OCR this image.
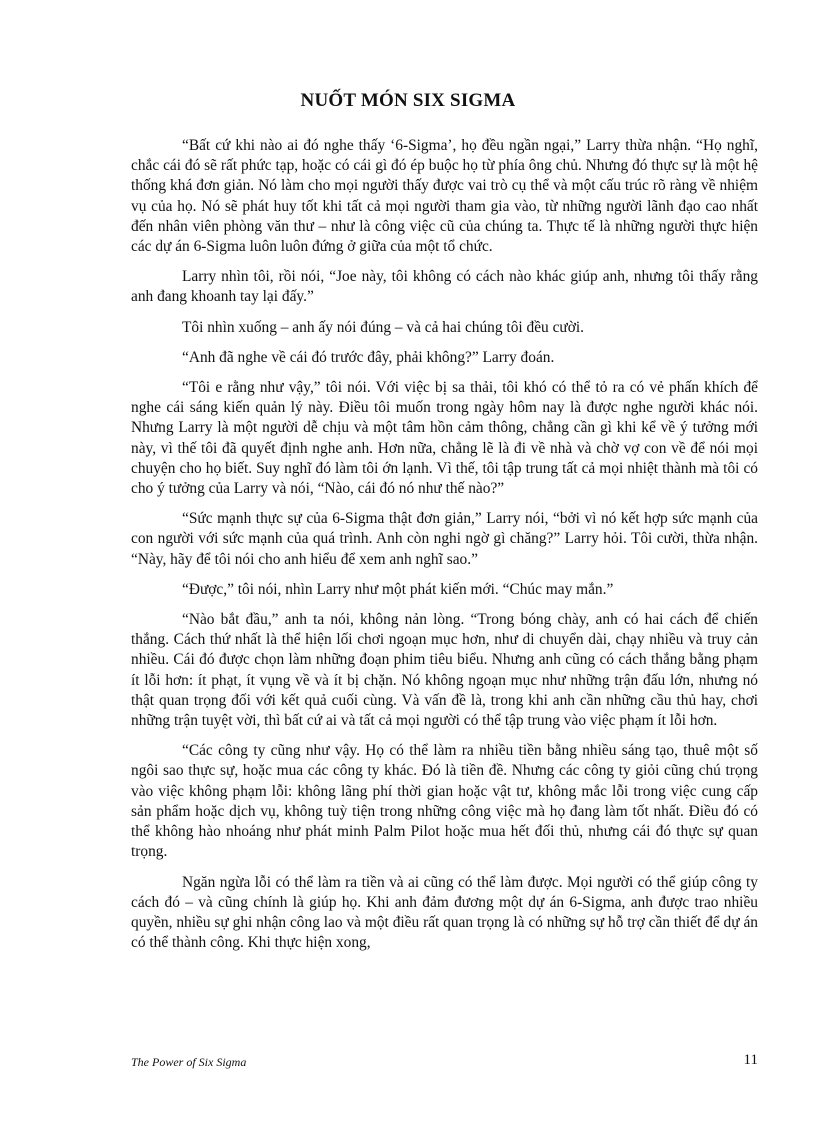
NUỐT MÓN SIX SIGMA

“Bất cứ khi nào ai đó nghe thấy ‘6-Sigma’, họ đều ngần ngại,” Larry thừa nhận. “Họ nghĩ, chắc cái đó sẽ rất phức tạp, hoặc có cái gì đó ép buộc họ từ phía ông chủ. Nhưng đó thực sự là một hệ thống khá đơn giản. Nó làm cho mọi người thấy được vai trò cụ thể và một cấu trúc rõ ràng về nhiệm vụ của họ. Nó sẽ phát huy tốt khi tất cả mọi người tham gia vào, từ những người lãnh đạo cao nhất đến nhân viên phòng văn thư – như là công việc cũ của chúng ta. Thực tế là những người thực hiện các dự án 6-Sigma luôn luôn đứng ở giữa của một tổ chức.

Larry nhìn tôi, rồi nói, “Joe này, tôi không có cách nào khác giúp anh, nhưng tôi thấy rằng anh đang khoanh tay lại đấy.”

Tôi nhìn xuống – anh ấy nói đúng – và cả hai chúng tôi đều cười.

“Anh đã nghe về cái đó trước đây, phải không?” Larry đoán.

“Tôi e rằng như vậy,” tôi nói. Với việc bị sa thải, tôi khó có thể tỏ ra có vẻ phấn khích để nghe cái sáng kiến quản lý này. Điều tôi muốn trong ngày hôm nay là được nghe người khác nói. Nhưng Larry là một người dễ chịu và một tâm hồn cảm thông, chẳng cần gì khi kể về ý tưởng mới này, vì thế tôi đã quyết định nghe anh. Hơn nữa, chẳng lẽ là đi về nhà và chờ vợ con về để nói mọi chuyện cho họ biết. Suy nghĩ đó làm tôi ớn lạnh. Vì thế, tôi tập trung tất cả mọi nhiệt thành mà tôi có cho ý tưởng của Larry và nói, “Nào, cái đó nó như thế nào?”

“Sức mạnh thực sự của 6-Sigma thật đơn giản,” Larry nói, “bởi vì nó kết hợp sức mạnh của con người với sức mạnh của quá trình. Anh còn nghi ngờ gì chăng?” Larry hỏi. Tôi cười, thừa nhận. “Này, hãy để tôi nói cho anh hiểu để xem anh nghĩ sao.”

“Được,” tôi nói, nhìn Larry như một phát kiến mới. “Chúc may mắn.”

“Nào bắt đầu,” anh ta nói, không nản lòng. “Trong bóng chày, anh có hai cách để chiến thắng. Cách thứ nhất là thể hiện lối chơi ngoạn mục hơn, như di chuyển dài, chạy nhiều và truy cản nhiều. Cái đó được chọn làm những đoạn phim tiêu biểu. Nhưng anh cũng có cách thắng bằng phạm ít lỗi hơn: ít phạt, ít vụng về và ít bị chặn. Nó không ngoạn mục như những trận đấu lớn, nhưng nó thật quan trọng đối với kết quả cuối cùng. Và vấn đề là, trong khi anh cần những cầu thủ hay, chơi những trận tuyệt vời, thì bất cứ ai và tất cả mọi người có thể tập trung vào việc phạm ít lỗi hơn.

“Các công ty cũng như vậy. Họ có thể làm ra nhiều tiền bằng nhiều sáng tạo, thuê một số ngôi sao thực sự, hoặc mua các công ty khác. Đó là tiền đề. Nhưng các công ty giỏi cũng chú trọng vào việc không phạm lỗi: không lãng phí thời gian hoặc vật tư, không mắc lỗi trong việc cung cấp sản phẩm hoặc dịch vụ, không tuỳ tiện trong những công việc mà họ đang làm tốt nhất. Điều đó có thể không hào nhoáng như phát minh Palm Pilot hoặc mua hết đối thủ, nhưng cái đó thực sự quan trọng.

Ngăn ngừa lỗi có thể làm ra tiền và ai cũng có thể làm được. Mọi người có thể giúp công ty cách đó – và cũng chính là giúp họ. Khi anh đảm đương một dự án 6-Sigma, anh được trao nhiều quyền, nhiều sự ghi nhận công lao và một điều rất quan trọng là có những sự hỗ trợ cần thiết để dự án có thể thành công. Khi thực hiện xong,

The Power of Six Sigma	11
